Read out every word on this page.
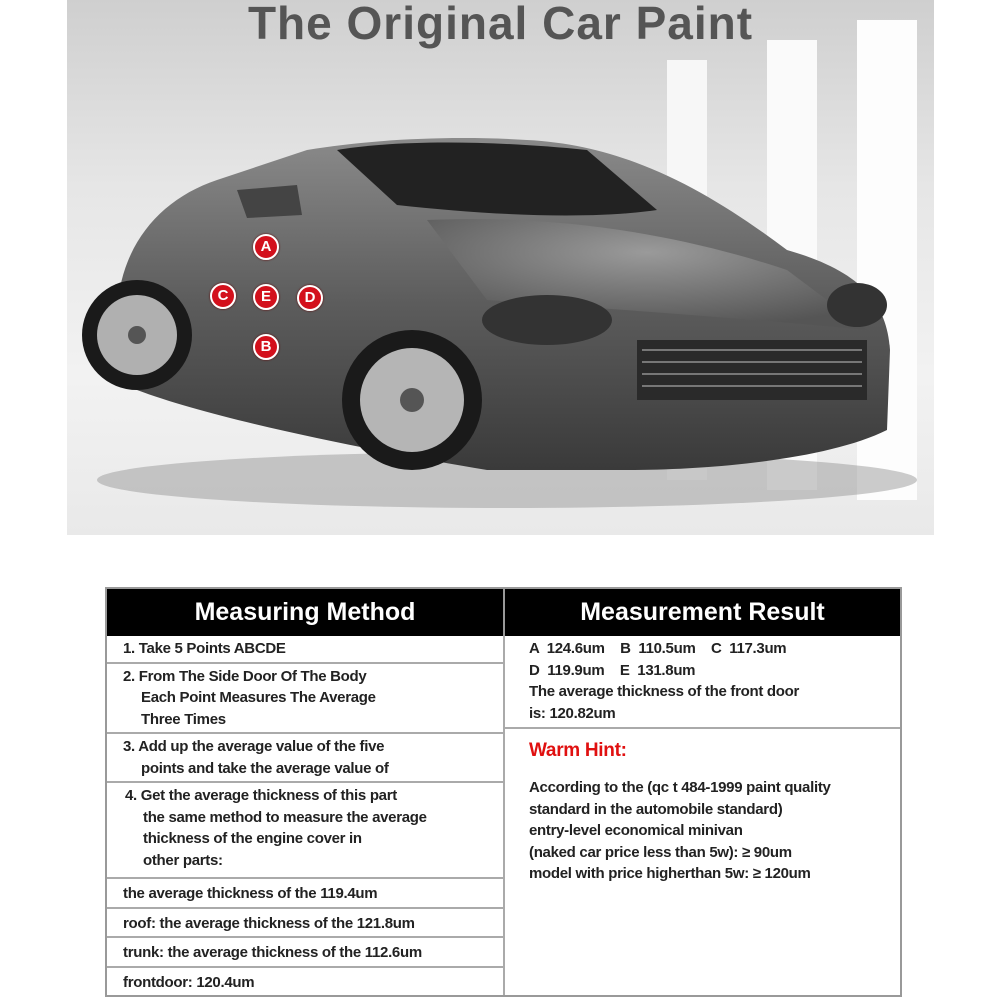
A
B
C	D
E
The Original Car Paint
Measuring Method	Measurement Result
1. Take 5 Points ABCDE
2. From The Side Door Of The Body
Each Point Measures The Average
Three Times
3. Add up the average value of the five
points and take the average value of
4. Get the average thickness of this part
the same method to measure the average
thickness of the engine cover in
other parts:
the average thickness of the 119.4um
roof: the average thickness of the 121.8um
trunk: the average thickness of the 112.6um
frontdoor: 120.4um
A  124.6um    B  110.5um    C  117.3um
D  119.9um    E  131.8um
The average thickness of the front door
is: 120.82um
Warm Hint:
According to the (qc t 484-1999 paint quality
standard in the automobile standard)
entry-level economical minivan
(naked car price less than 5w): ≥ 90um
model with price higherthan 5w: ≥ 120um
